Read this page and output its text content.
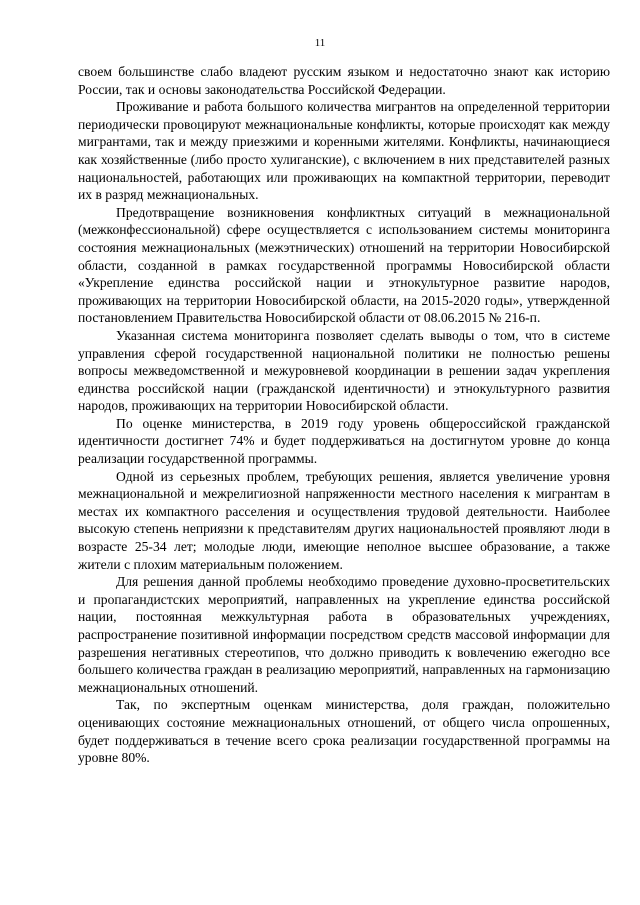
11

своем большинстве слабо владеют русским языком и недостаточно знают как историю России, так и основы законодательства Российской Федерации.

Проживание и работа большого количества мигрантов на определенной территории периодически провоцируют межнациональные конфликты, которые происходят как между мигрантами, так и между приезжими и коренными жителями. Конфликты, начинающиеся как хозяйственные (либо просто хулиганские), с включением в них представителей разных национальностей, работающих или проживающих на компактной территории, переводит их в разряд межнациональных.

Предотвращение возникновения конфликтных ситуаций в межнациональной (межконфессиональной) сфере осуществляется с использованием системы мониторинга состояния межнациональных (межэтнических) отношений на территории Новосибирской области, созданной в рамках государственной программы Новосибирской области «Укрепление единства российской нации и этнокультурное развитие народов, проживающих на территории Новосибирской области, на 2015-2020 годы», утвержденной постановлением Правительства Новосибирской области от 08.06.2015 № 216-п.

Указанная система мониторинга позволяет сделать выводы о том, что в системе управления сферой государственной национальной политики не полностью решены вопросы межведомственной и межуровневой координации в решении задач укрепления единства российской нации (гражданской идентичности) и этнокультурного развития народов, проживающих на территории Новосибирской области.

По оценке министерства, в 2019 году уровень общероссийской гражданской идентичности достигнет 74% и будет поддерживаться на достигнутом уровне до конца реализации государственной программы.

Одной из серьезных проблем, требующих решения, является увеличение уровня межнациональной и межрелигиозной напряженности местного населения к мигрантам в местах их компактного расселения и осуществления трудовой деятельности. Наиболее высокую степень неприязни к представителям других национальностей проявляют люди в возрасте 25-34 лет; молодые люди, имеющие неполное высшее образование, а также жители с плохим материальным положением.

Для решения данной проблемы необходимо проведение духовно-просветительских и пропагандистских мероприятий, направленных на укрепление единства российской нации, постоянная межкультурная работа в образовательных учреждениях, распространение позитивной информации посредством средств массовой информации для разрешения негативных стереотипов, что должно приводить к вовлечению ежегодно все большего количества граждан в реализацию мероприятий, направленных на гармонизацию межнациональных отношений.

Так, по экспертным оценкам министерства, доля граждан, положительно оценивающих состояние межнациональных отношений, от общего числа опрошенных, будет поддерживаться в течение всего срока реализации государственной программы на уровне 80%.
